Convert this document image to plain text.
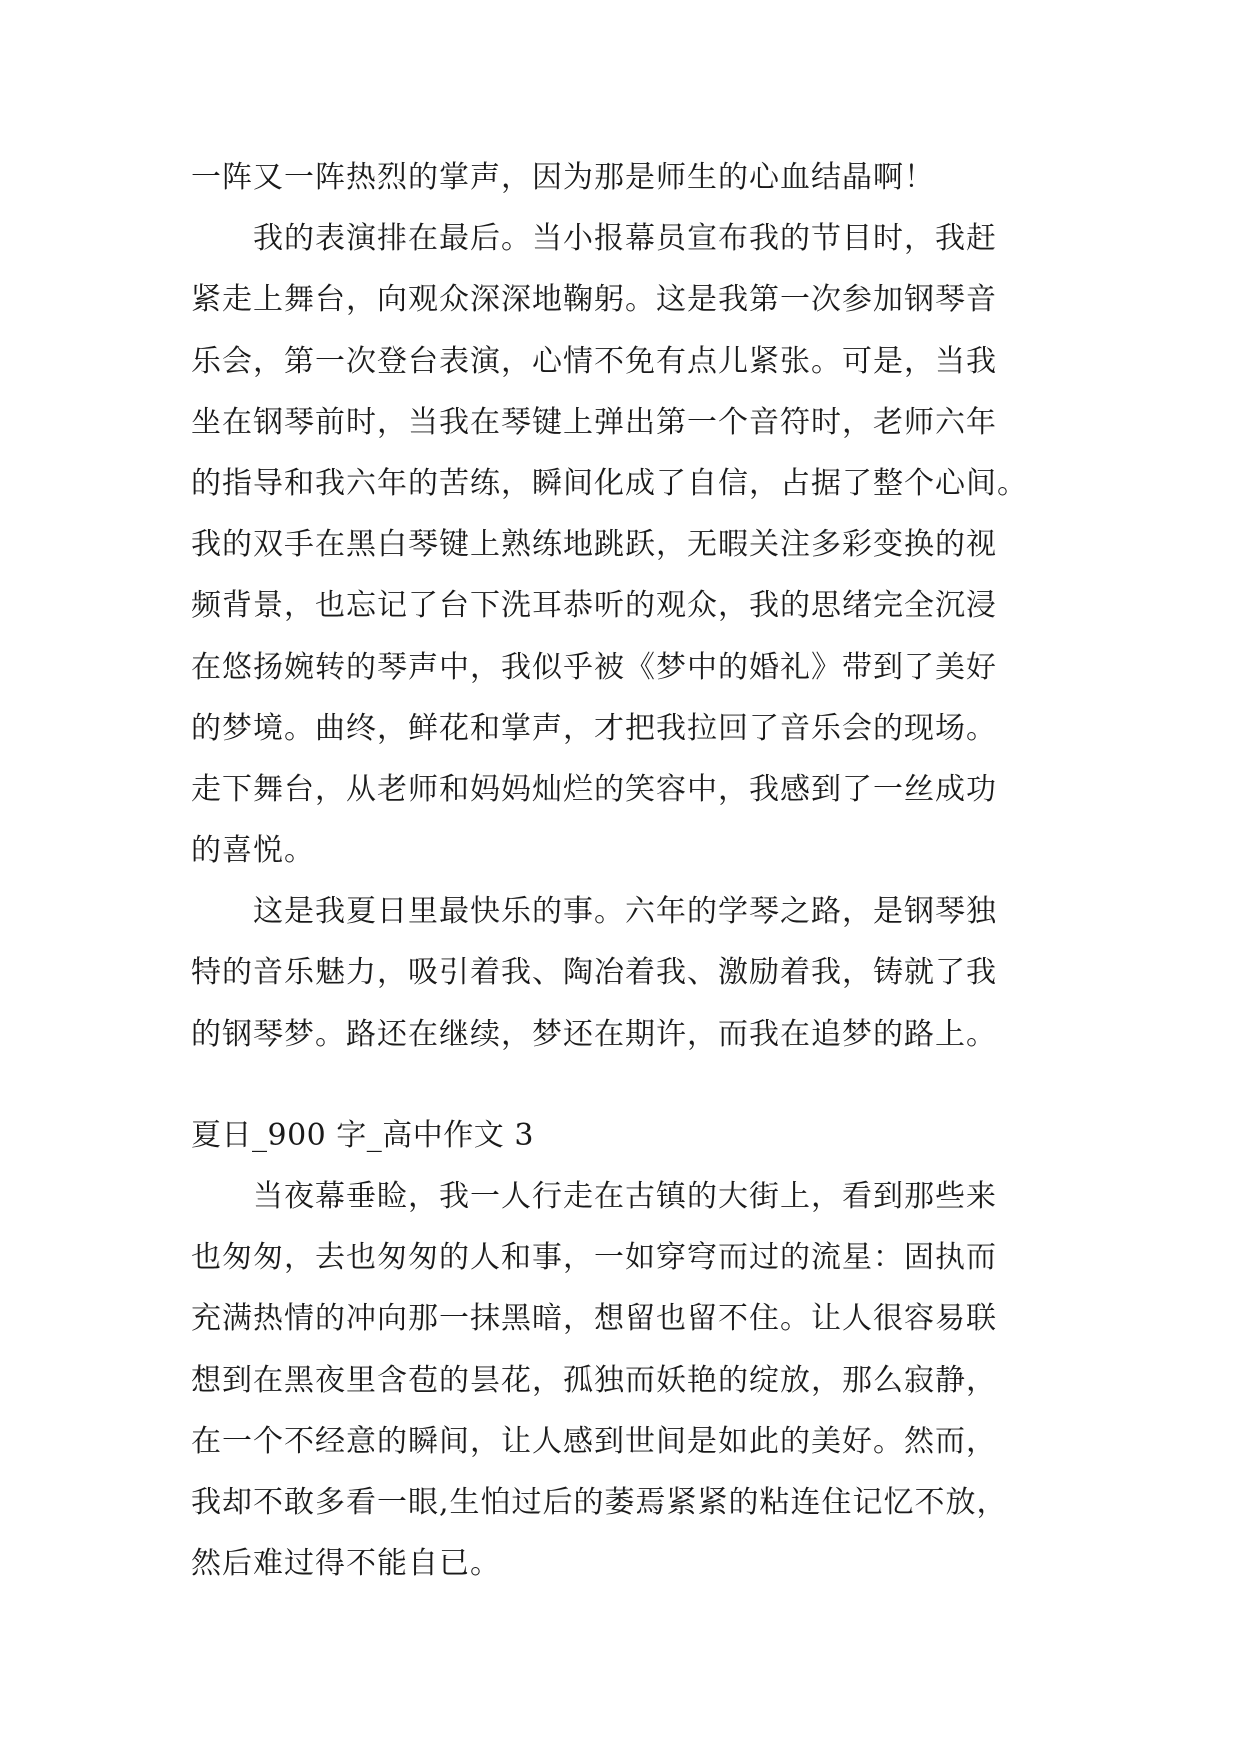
一阵又一阵热烈的掌声，因为那是师生的心血结晶啊！
我的表演排在最后。当小报幕员宣布我的节目时，我赶
紧走上舞台，向观众深深地鞠躬。这是我第一次参加钢琴音
乐会，第一次登台表演，心情不免有点儿紧张。可是，当我
坐在钢琴前时，当我在琴键上弹出第一个音符时，老师六年
的指导和我六年的苦练，瞬间化成了自信，占据了整个心间。
我的双手在黑白琴键上熟练地跳跃，无暇关注多彩变换的视
频背景，也忘记了台下洗耳恭听的观众，我的思绪完全沉浸
在悠扬婉转的琴声中，我似乎被《梦中的婚礼》带到了美好
的梦境。曲终，鲜花和掌声，才把我拉回了音乐会的现场。
走下舞台，从老师和妈妈灿烂的笑容中，我感到了一丝成功
的喜悦。
这是我夏日里最快乐的事。六年的学琴之路，是钢琴独
特的音乐魅力，吸引着我、陶冶着我、激励着我，铸就了我
的钢琴梦。路还在继续，梦还在期许，而我在追梦的路上。
夏日_900 字_高中作文 3
当夜幕垂睑，我一人行走在古镇的大街上，看到那些来
也匆匆，去也匆匆的人和事，一如穿穹而过的流星：固执而
充满热情的冲向那一抹黑暗，想留也留不住。让人很容易联
想到在黑夜里含苞的昙花，孤独而妖艳的绽放，那么寂静，
在一个不经意的瞬间，让人感到世间是如此的美好。然而，
我却不敢多看一眼,生怕过后的萎焉紧紧的粘连住记忆不放，
然后难过得不能自已。
